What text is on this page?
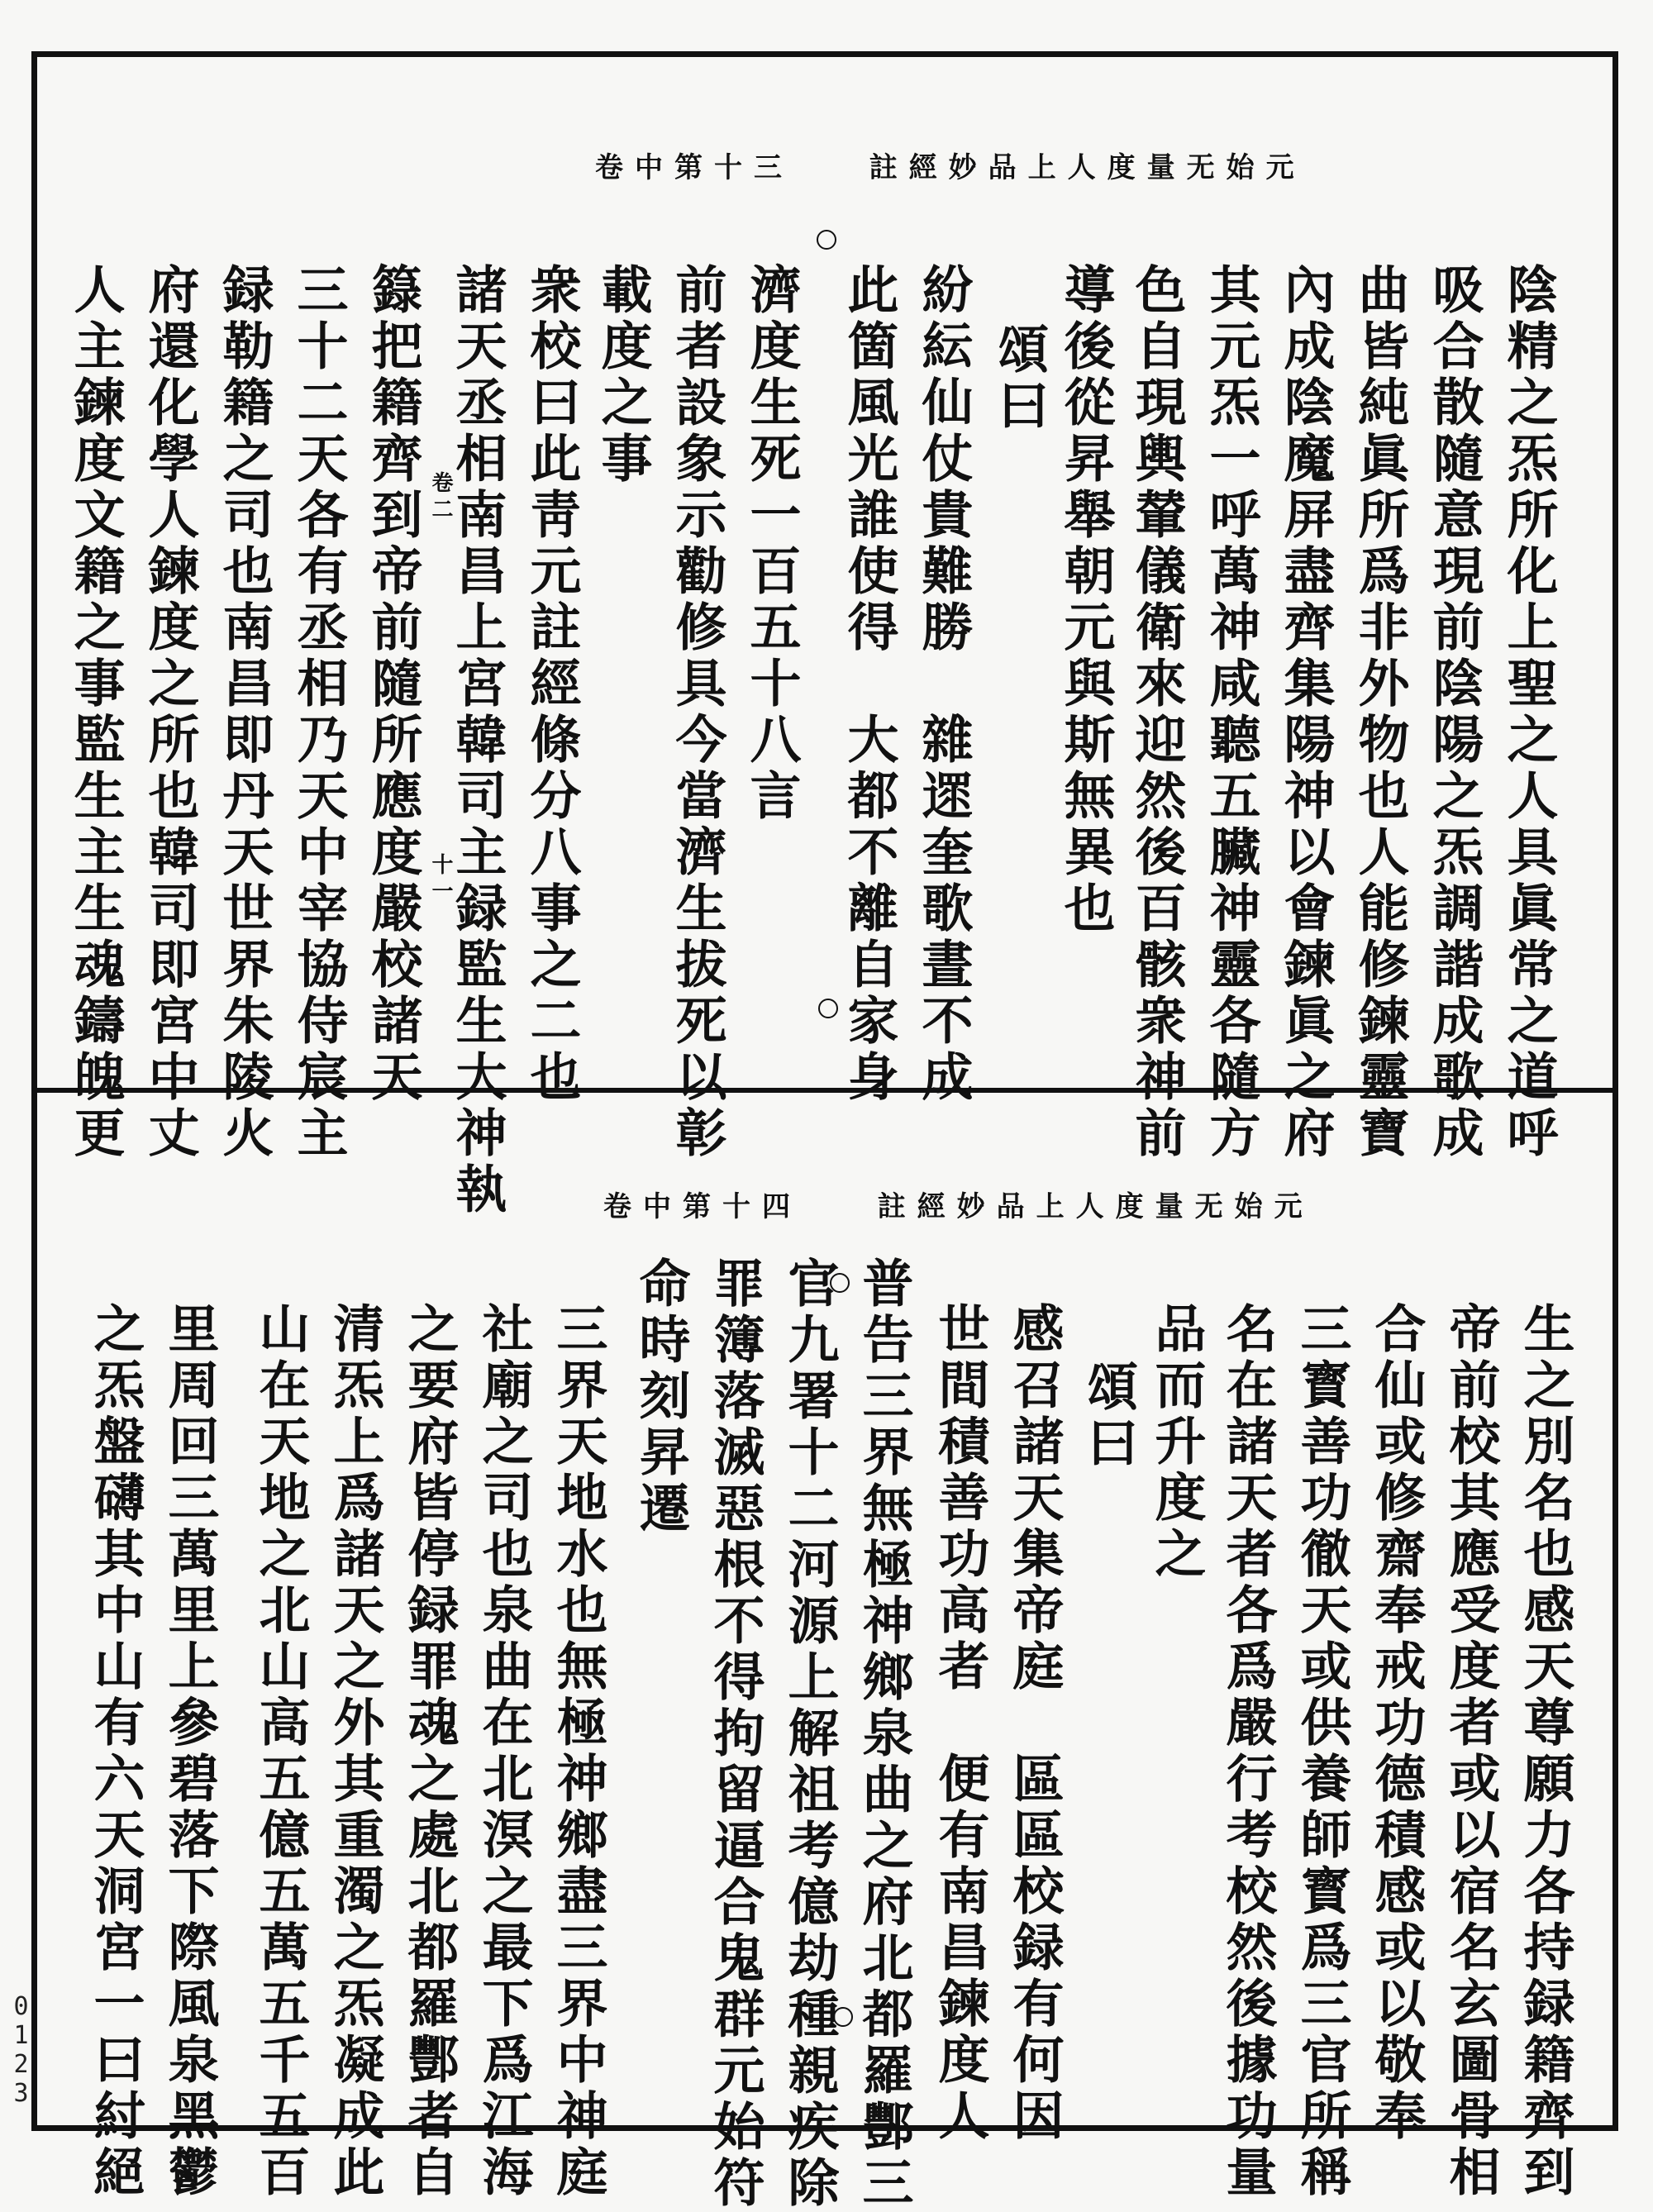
元始无量度人上品妙經註  三十第中卷
陰精之炁所化上聖之人具眞常之道呼
吸合散隨意現前陰陽之炁調諧成歌成
曲皆純眞所爲非外物也人能修鍊靈寶
內成陰魔屏盡齊集陽神以會鍊眞之府
其元炁一呼萬神咸聽五臟神靈各隨方
色自現輿輦儀衛來迎然後百骸衆神前
導後從昇舉朝元與斯無異也
頌曰
紛紜仙仗貴難勝　雜遝奎歌晝不成
此箇風光誰使得　大都不離自家身
濟度生死一百五十八言
前者設象示勸修具今當濟生拔死以彰
載度之事
衆校曰此靑元註經條分八事之二也
諸天丞相南昌上宮韓司主録監生大神執
籙把籍齊到帝前隨所應度嚴校諸天
三十二天各有丞相乃天中宰協侍宸主
録勒籍之司也南昌即丹天世界朱陵火
府還化學人鍊度之所也韓司即宮中丈
人主鍊度文籍之事監生主生魂鑄魄更	卷二
十一
元始无量度人上品妙經註  四十第中卷
生之別名也感天尊願力各持録籍齊到
帝前校其應受度者或以宿名玄圖骨相
合仙或修齋奉戒功德積感或以敬奉
三寳善功徹天或供養師寳爲三官所稱
名在諸天者各爲嚴行考校然後據功量
品而升度之
頌曰
感召諸天集帝庭　區區校録有何因
世間積善功高者　便有南昌鍊度人
普告三界無極神鄉泉曲之府北都羅酆三
官九署十二河源上解祖考億劫種親疾除
罪簿落滅惡根不得拘留逼合鬼群元始符
命時刻昇遷
三界天地水也無極神鄉盡三界中神庭
社廟之司也泉曲在北溟之最下爲江海
之要府皆停録罪魂之處北都羅酆者自
清炁上爲諸天之外其重濁之炁凝成此
山在天地之北山高五億五萬五千五百
里周回三萬里上參碧落下際風泉黑鬱
之炁盤礴其中山有六天洞宮一曰紂絕
0123
